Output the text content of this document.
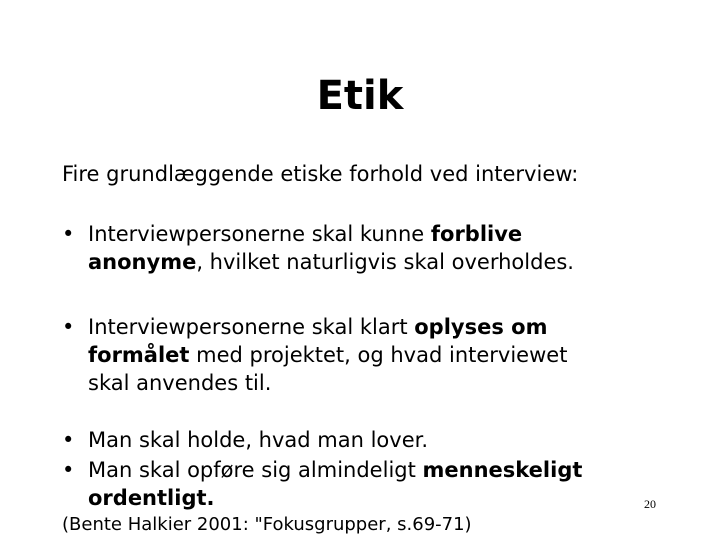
Etik

Fire grundlæggende etiske forhold ved interview:

• Interviewpersonerne skal kunne forblive
anonyme, hvilket naturligvis skal overholdes.
• Interviewpersonerne skal klart oplyses om
formålet med projektet, og hvad interviewet
skal anvendes til.
• Man skal holde, hvad man lover.
• Man skal opføre sig almindeligt menneskeligt
ordentligt.	20

(Bente Halkier 2001: "Fokusgrupper, s.69-71)
